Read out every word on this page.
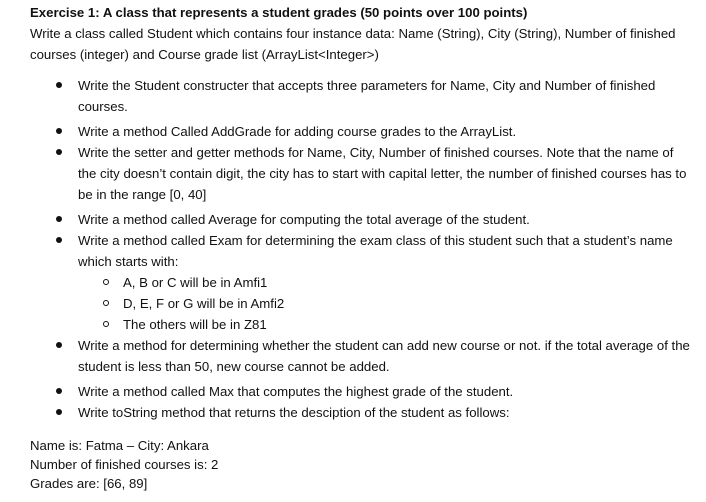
Exercise 1: A class that represents a student grades (50 points over 100 points)

Write a class called Student which contains four instance data: Name (String), City (String), Number of finished courses (integer) and Course grade list (ArrayList<Integer>)

Write the Student constructer that accepts three parameters for Name, City and Number of finished courses.
Write a method Called AddGrade for adding course grades to the ArrayList.
Write the setter and getter methods for Name, City, Number of finished courses. Note that the name of the city doesn’t contain digit, the city has to start with capital letter, the number of finished courses has to be in the range [0, 40]
Write a method called Average for computing the total average of the student.
Write a method called Exam for determining the exam class of this student such that a student’s name which starts with:
A, B or C will be in Amfi1
D, E, F or G will be in Amfi2
The others will be in Z81
Write a method for determining whether the student can add new course or not. if the total average of the student is less than 50, new course cannot be added.
Write a method called Max that computes the highest grade of the student.
Write toString method that returns the desciption of the student as follows:
Name is: Fatma – City: Ankara
Number of finished courses is: 2
Grades are: [66, 89]
